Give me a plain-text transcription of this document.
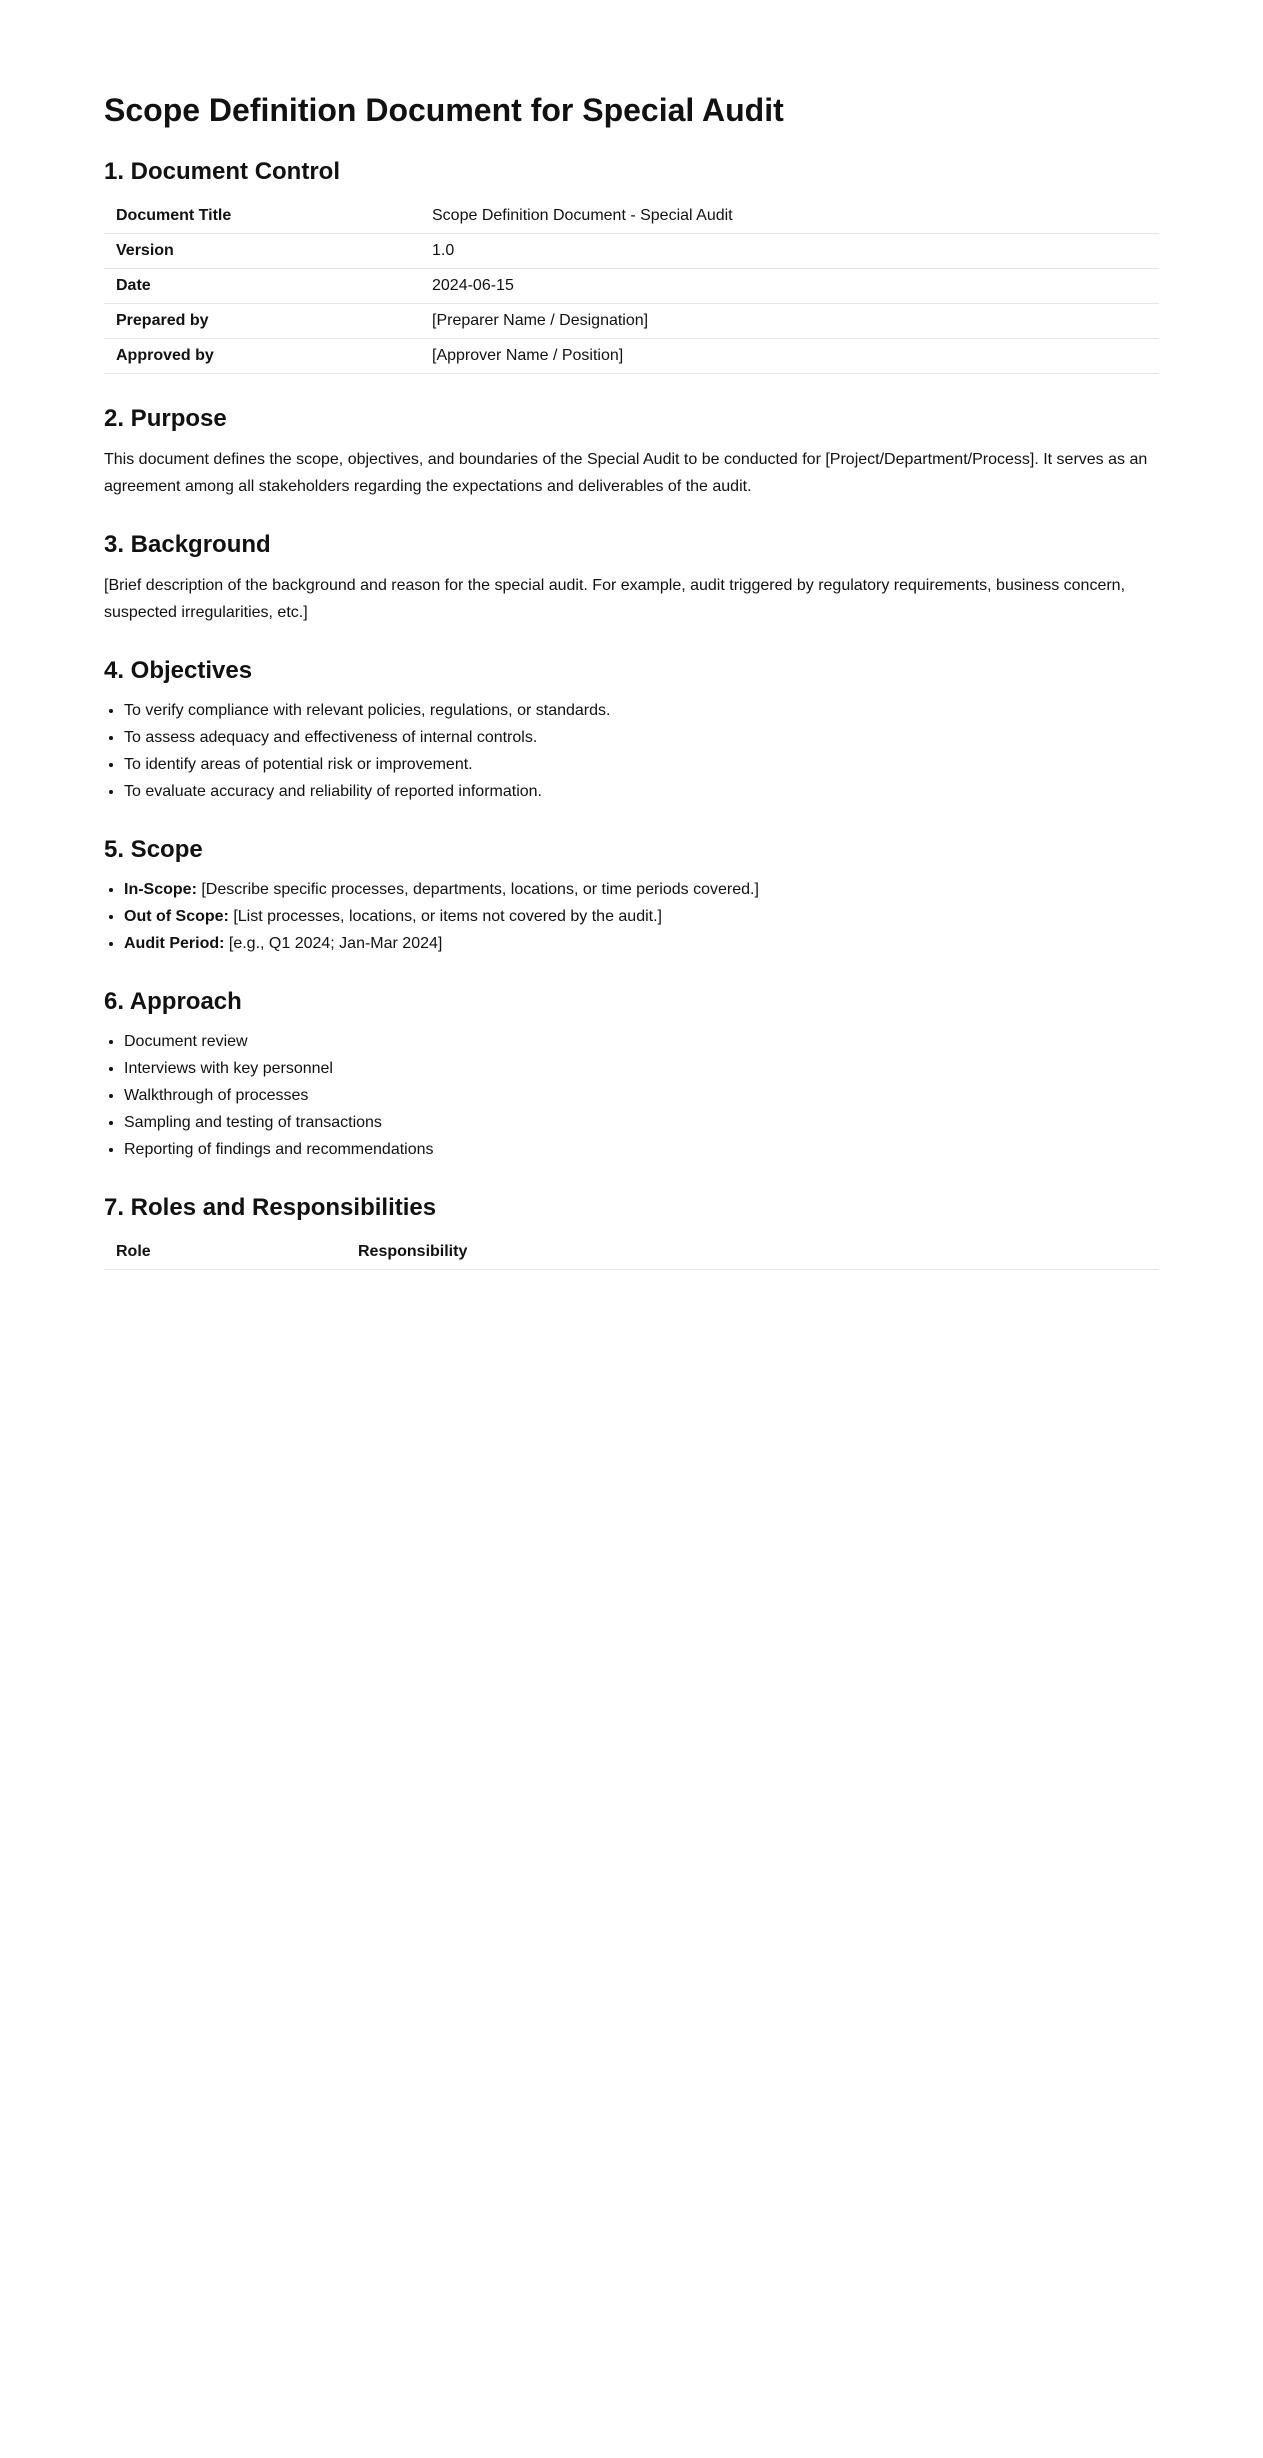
Scope Definition Document for Special Audit
1. Document Control
Document Title	Scope Definition Document - Special Audit
Version	1.0
Date	2024-06-15
Prepared by	[Preparer Name / Designation]
Approved by	[Approver Name / Position]
2. Purpose

This document defines the scope, objectives, and boundaries of the Special Audit to be conducted for [Project/Department/Process]. It serves as an agreement among all stakeholders regarding the expectations and deliverables of the audit.

3. Background

[Brief description of the background and reason for the special audit. For example, audit triggered by regulatory requirements, business concern, suspected irregularities, etc.]

4. Objectives
• To verify compliance with relevant policies, regulations, or standards.
• To assess adequacy and effectiveness of internal controls.
• To identify areas of potential risk or improvement.
• To evaluate accuracy and reliability of reported information.
5. Scope
• In-Scope: [Describe specific processes, departments, locations, or time periods covered.]
• Out of Scope: [List processes, locations, or items not covered by the audit.]
• Audit Period: [e.g., Q1 2024; Jan-Mar 2024]
6. Approach
• Document review
• Interviews with key personnel
• Walkthrough of processes
• Sampling and testing of transactions
• Reporting of findings and recommendations
7. Roles and Responsibilities
Role	Responsibility
